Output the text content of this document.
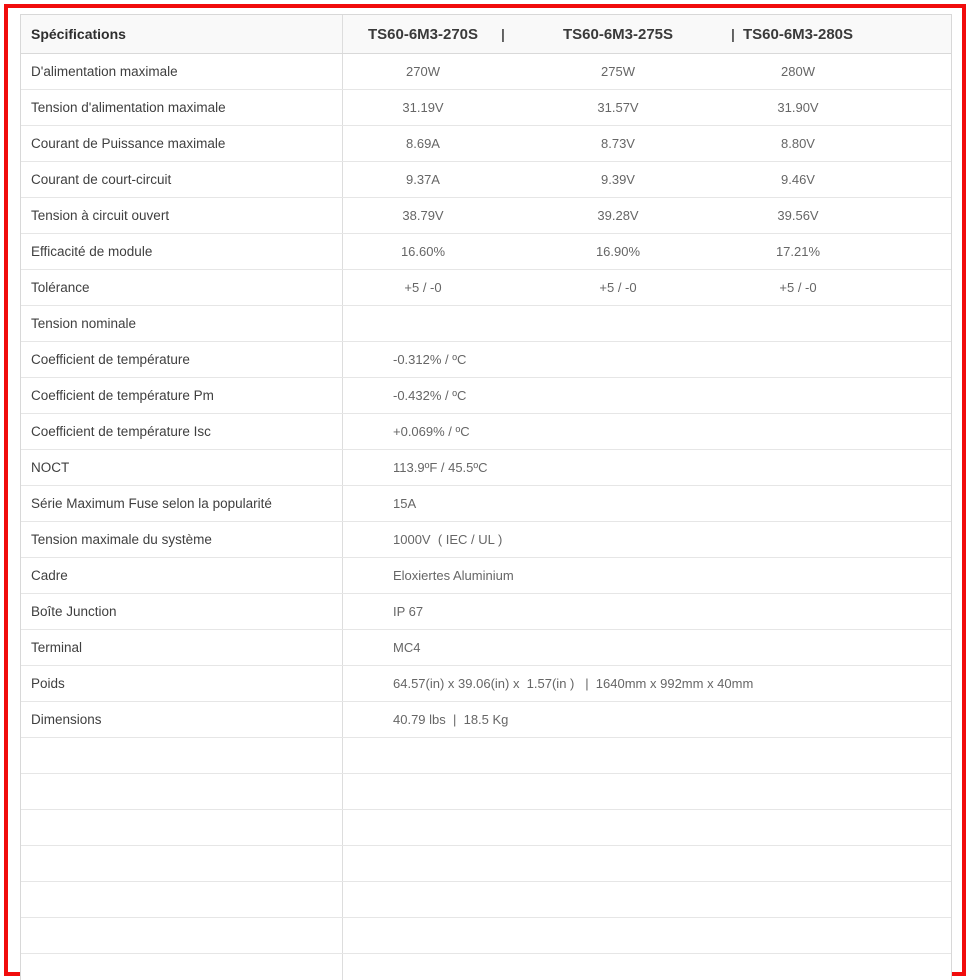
Spécifications	TS60-6M3-270S	|	TS60-6M3-275S	| TS60-6M3-280S
D'alimentation maximale	270W	275W	280W
Tension d'alimentation maximale	31.19V	31.57V	31.90V
Courant de Puissance maximale	8.69A	8.73V	8.80V
Courant de court-circuit	9.37A	9.39V	9.46V
Tension à circuit ouvert	38.79V	39.28V	39.56V
Efficacité de module	16.60%	16.90%	17.21%
Tolérance	+5 / -0	+5 / -0	+5 / -0
Tension nominale
Coefficient de température	-0.312% / ºC
Coefficient de température Pm	-0.432% / ºC
Coefficient de température Isc	+0.069% / ºC
NOCT	113.9ºF / 45.5ºC
Série Maximum Fuse selon la popularité	15A
Tension maximale du système	1000V  ( IEC / UL )
Cadre	Eloxiertes Aluminium
Boîte Junction	IP 67
Terminal	MC4
Poids	64.57(in) x 39.06(in) x  1.57(in )   |  1640mm x 992mm x 40mm
Dimensions	40.79 lbs  |  18.5 Kg
